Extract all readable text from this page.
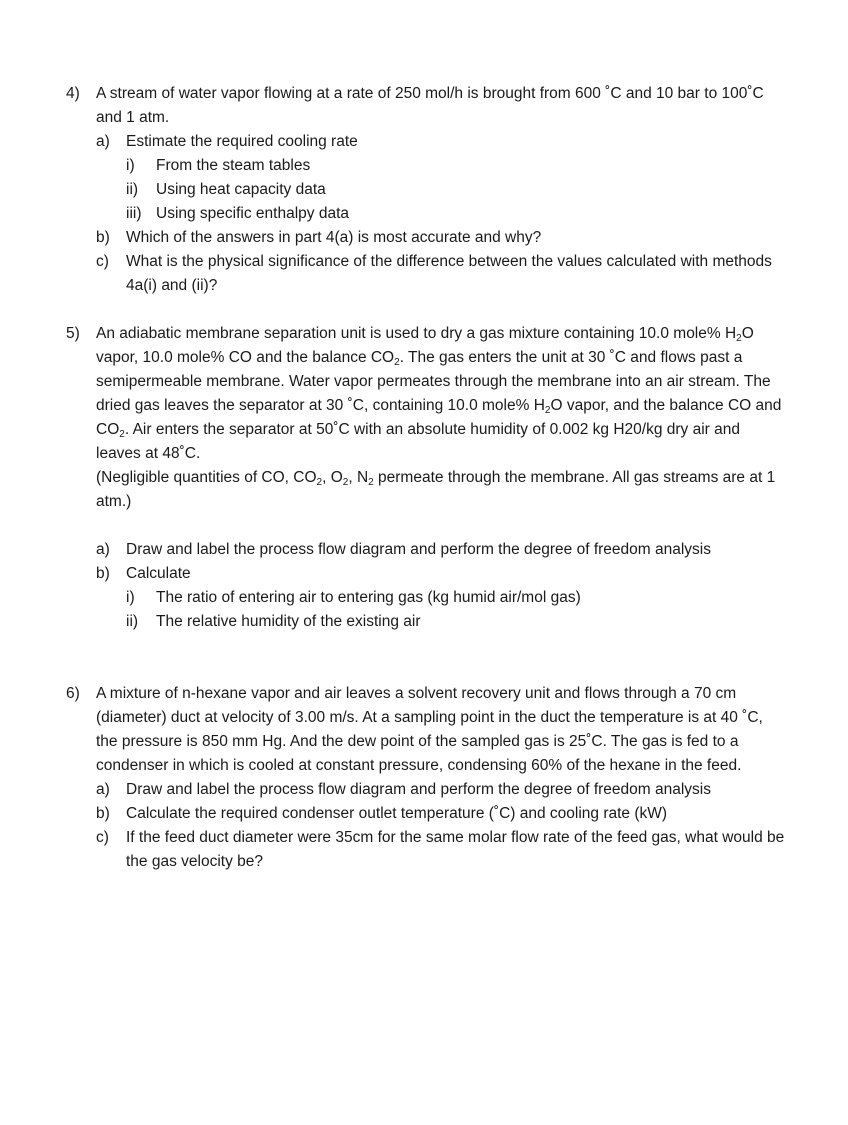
4) A stream of water vapor flowing at a rate of 250 mol/h is brought from 600 ˚C and 10 bar to 100˚C and 1 atm.

a) Estimate the required cooling rate
i) From the steam tables
ii) Using heat capacity data
iii) Using specific enthalpy data
b) Which of the answers in part 4(a) is most accurate and why?
c) What is the physical significance of the difference between the values calculated with methods 4a(i) and (ii)?
5) An adiabatic membrane separation unit is used to dry a gas mixture containing 10.0 mole% $H_2O$ vapor, 10.0 mole% CO and the balance $CO_2$. The gas enters the unit at 30 ˚C and flows past a semipermeable membrane. Water vapor permeates through the membrane into an air stream. The dried gas leaves the separator at 30 ˚C, containing 10.0 mole% $H_2O$ vapor, and the balance CO and $CO_2$. Air enters the separator at 50˚C with an absolute humidity of 0.002 kg H20/kg dry air and leaves at 48˚C.

(Negligible quantities of CO, $CO_2$, $O_2$, $N_2$ permeate through the membrane. All gas streams are at 1 atm.)

a) Draw and label the process flow diagram and perform the degree of freedom analysis
b) Calculate
i) The ratio of entering air to entering gas (kg humid air/mol gas)
ii) The relative humidity of the existing air
6) A mixture of n-hexane vapor and air leaves a solvent recovery unit and flows through a 70 cm (diameter) duct at velocity of 3.00 m/s. At a sampling point in the duct the temperature is at 40 ˚C, the pressure is 850 mm Hg. And the dew point of the sampled gas is 25˚C. The gas is fed to a condenser in which is cooled at constant pressure, condensing 60% of the hexane in the feed.

a) Draw and label the process flow diagram and perform the degree of freedom analysis
b) Calculate the required condenser outlet temperature (˚C) and cooling rate (kW)
c) If the feed duct diameter were 35cm for the same molar flow rate of the feed gas, what would be the gas velocity be?
